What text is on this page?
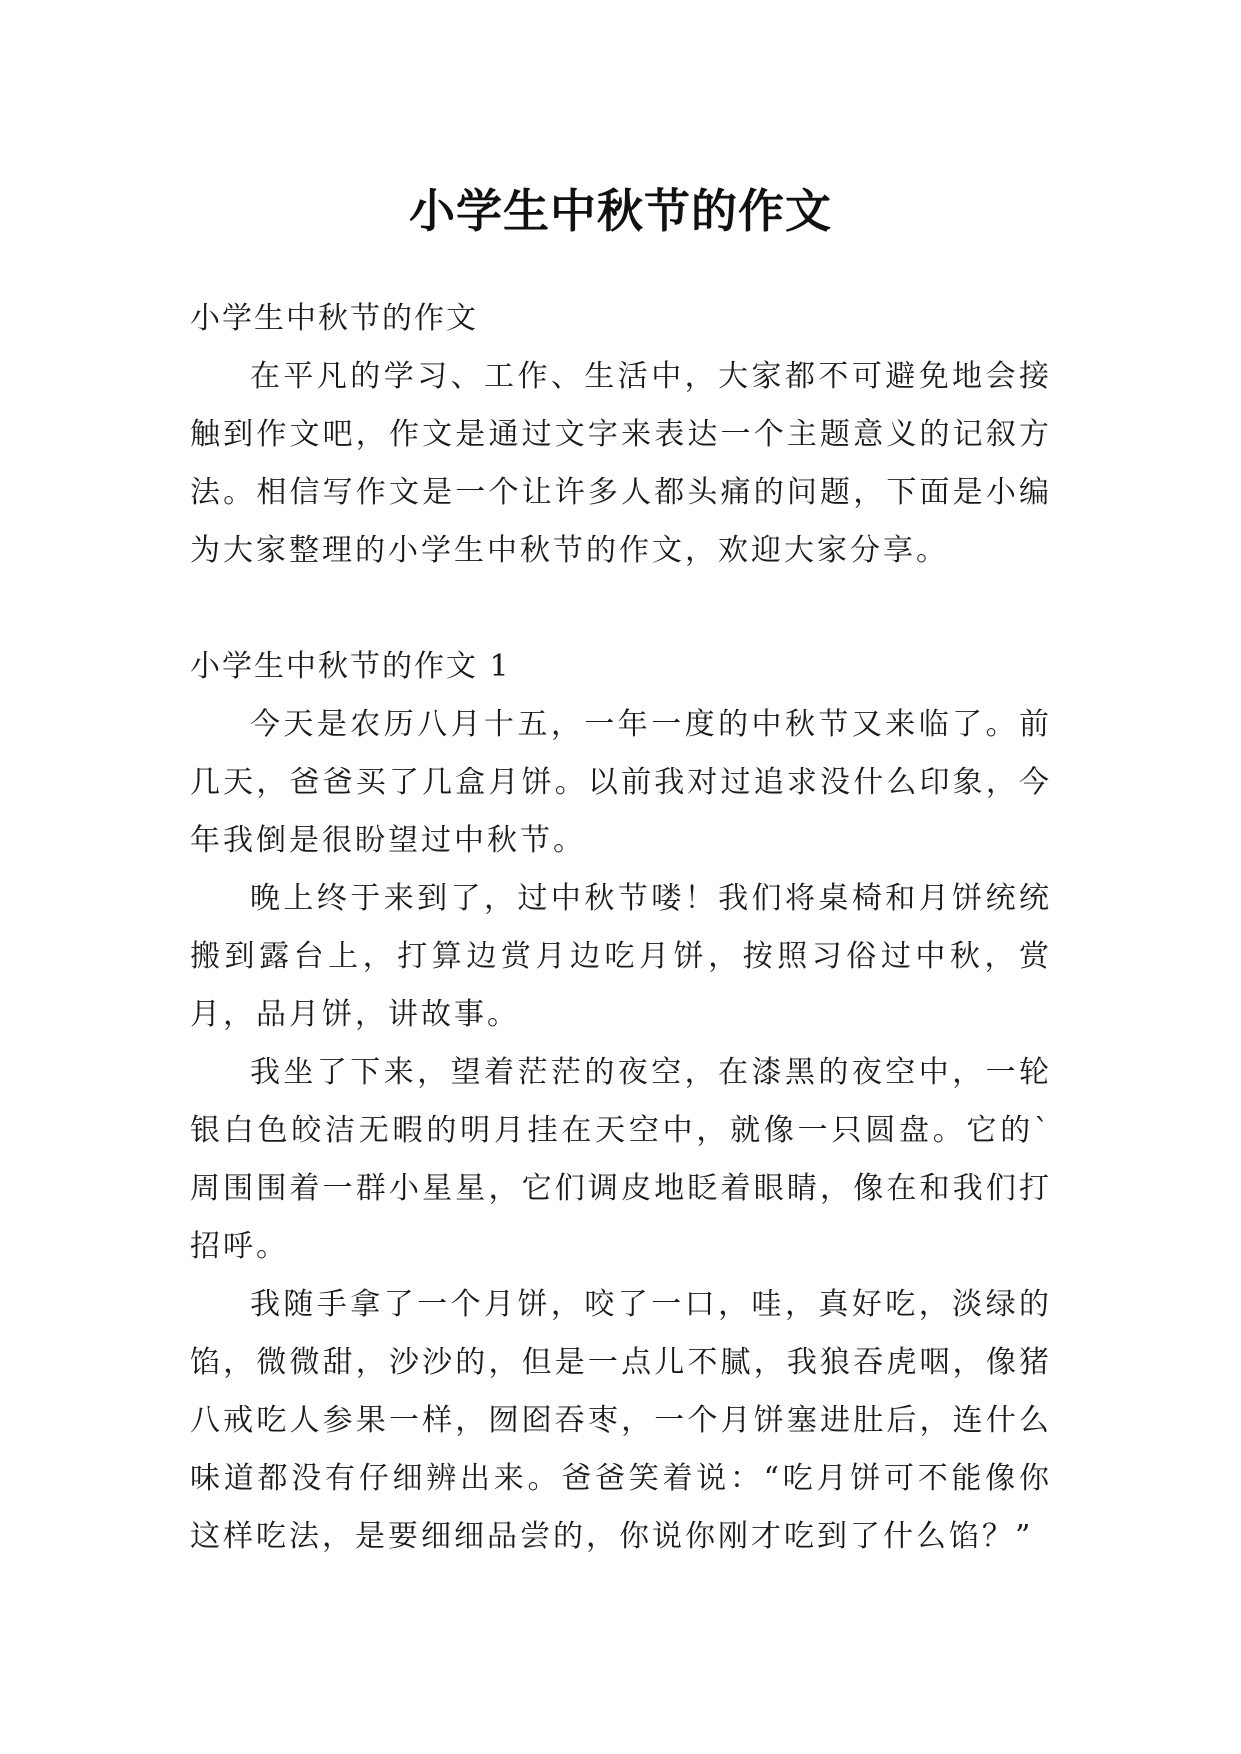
小学生中秋节的作文

小学生中秋节的作文

在平凡的学习、工作、生活中，大家都不可避免地会接触到作文吧，作文是通过文字来表达一个主题意义的记叙方法。相信写作文是一个让许多人都头痛的问题，下面是小编为大家整理的小学生中秋节的作文，欢迎大家分享。

小学生中秋节的作文 1

今天是农历八月十五，一年一度的中秋节又来临了。前几天，爸爸买了几盒月饼。以前我对过追求没什么印象，今年我倒是很盼望过中秋节。

晚上终于来到了，过中秋节喽！我们将桌椅和月饼统统搬到露台上，打算边赏月边吃月饼，按照习俗过中秋，赏月，品月饼，讲故事。

我坐了下来，望着茫茫的夜空，在漆黑的夜空中，一轮银白色皎洁无暇的明月挂在天空中，就像一只圆盘。它的`周围围着一群小星星，它们调皮地眨着眼睛，像在和我们打招呼。

我随手拿了一个月饼，咬了一口，哇，真好吃，淡绿的馅，微微甜，沙沙的，但是一点儿不腻，我狼吞虎咽，像猪八戒吃人参果一样，囫囵吞枣，一个月饼塞进肚后，连什么味道都没有仔细辨出来。爸爸笑着说：“吃月饼可不能像你这样吃法，是要细细品尝的，你说你刚才吃到了什么馅？”
